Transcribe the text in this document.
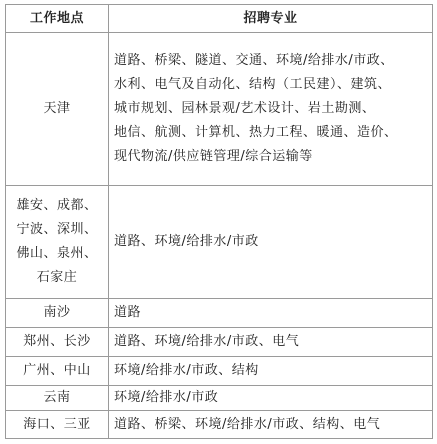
工作地点	招聘专业

天津	道路、桥梁、隧道、交通、环境/给排水/市政、
水利、电气及自动化、结构（工民建）、建筑、
城市规划、园林景观/艺术设计、岩土勘测、
地信、航测、计算机、热力工程、暖通、造价、
现代物流/供应链管理/综合运输等

雄安、成都、
宁波、深圳、
佛山、泉州、
石家庄	道路、环境/给排水/市政

南沙	道路

郑州、长沙	道路、环境/给排水/市政、电气

广州、中山	环境/给排水/市政、结构

云南	环境/给排水/市政

海口、三亚	道路、桥梁、环境/给排水/市政、结构、电气
